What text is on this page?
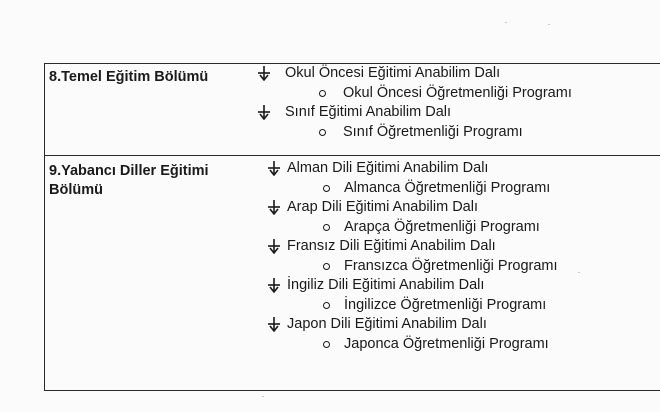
8.Temel Eğitim Bölümü	Okul Öncesi Eğitimi Anabilim Dalı
Okul Öncesi Öğretmenliği Programı
Sınıf Eğitimi Anabilim Dalı
Sınıf Öğretmenliği Programı
9.Yabancı Diller Eğitimi Bölümü
Alman Dili Eğitimi Anabilim Dalı
Almanca Öğretmenliği Programı
Arap Dili Eğitimi Anabilim Dalı
Arapça Öğretmenliği Programı
Fransız Dili Eğitimi Anabilim Dalı
Fransızca Öğretmenliği Programı
İngiliz Dili Eğitimi Anabilim Dalı
İngilizce Öğretmenliği Programı
Japon Dili Eğitimi Anabilim Dalı
Japonca Öğretmenliği Programı
